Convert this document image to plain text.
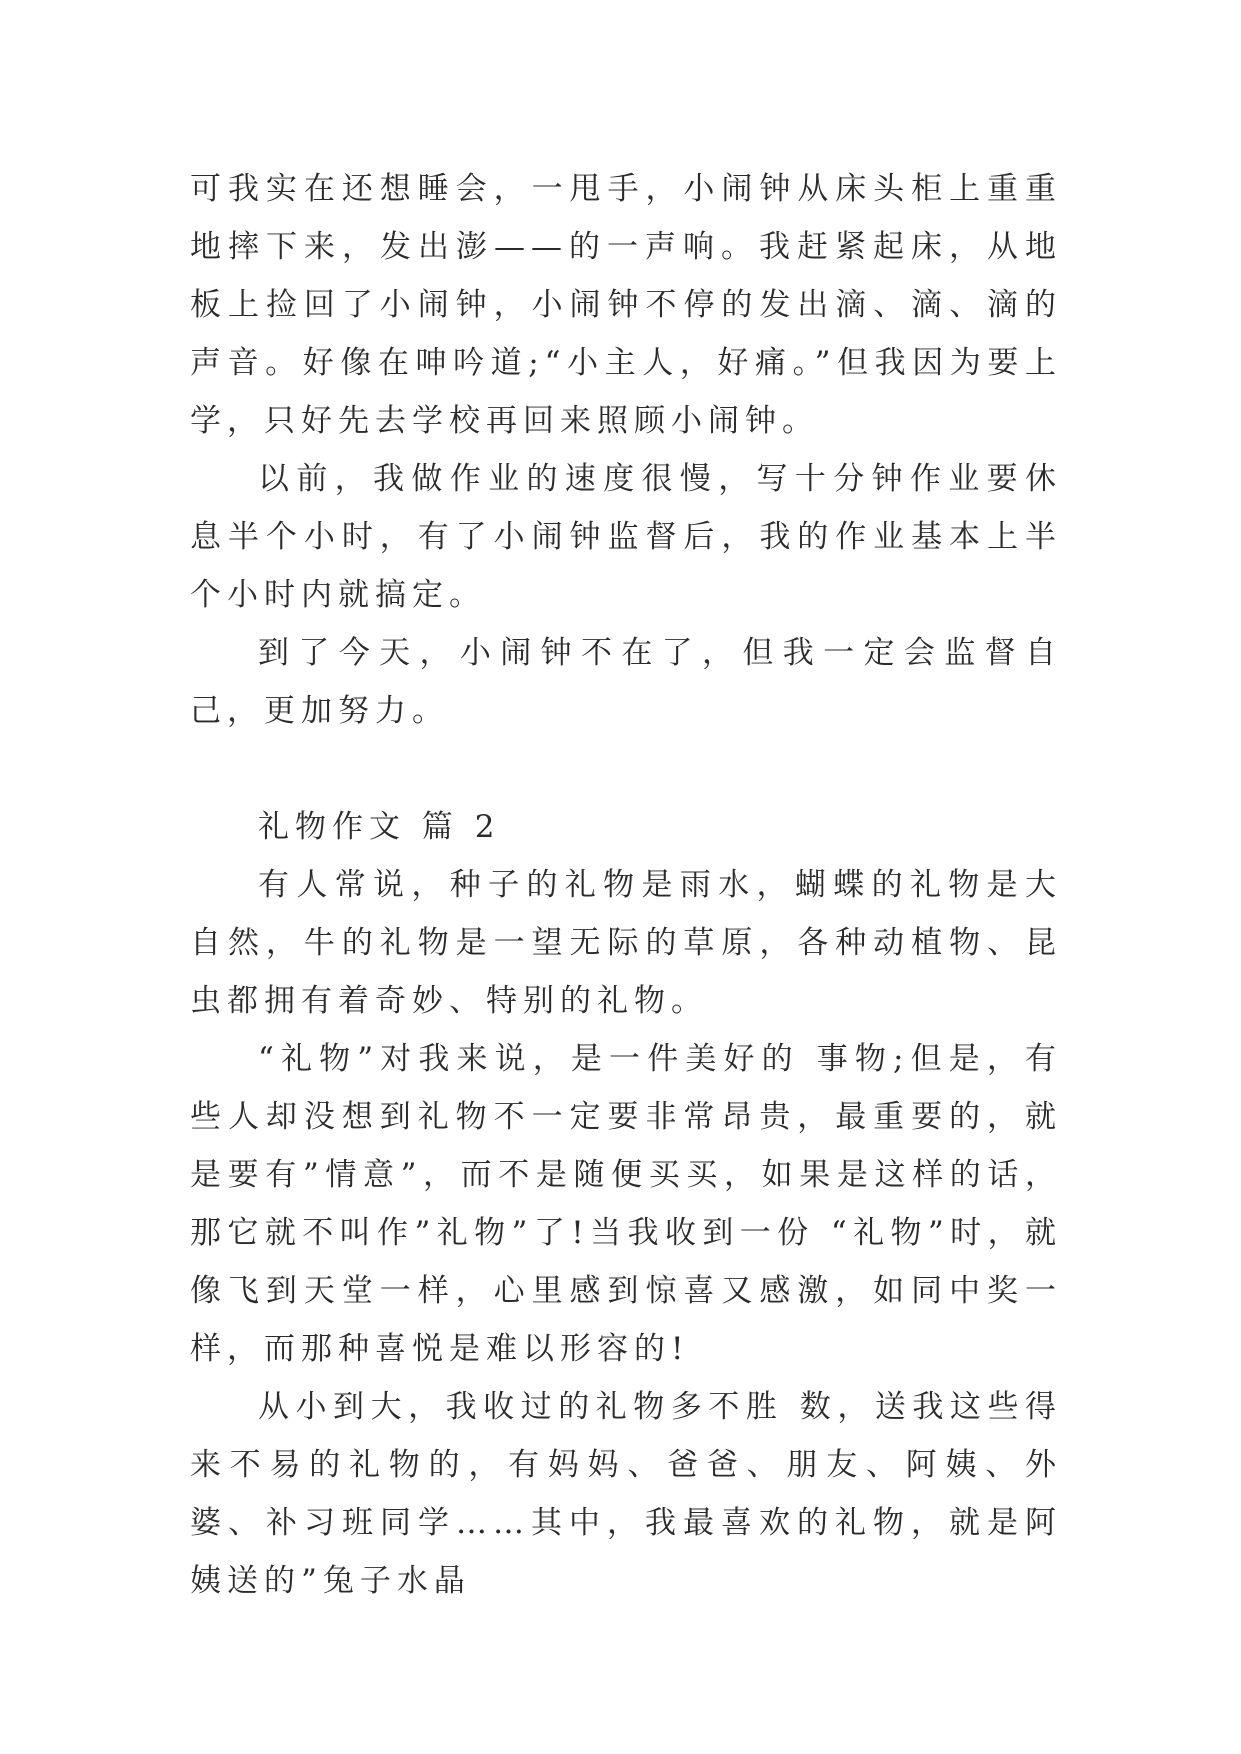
可我实在还想睡会，一甩手，小闹钟从床头柜上重重地摔下来，发出澎——的一声响。我赶紧起床，从地板上捡回了小闹钟，小闹钟不停的发出滴、滴、滴的声音。好像在呻吟道;“小主人，好痛。”但我因为要上学，只好先去学校再回来照顾小闹钟。

以前，我做作业的速度很慢，写十分钟作业要休息半个小时，有了小闹钟监督后，我的作业基本上半个小时内就搞定。

到了今天，小闹钟不在了，但我一定会监督自己，更加努力。

礼物作文 篇 2

有人常说，种子的礼物是雨水，蝴蝶的礼物是大自然，牛的礼物是一望无际的草原，各种动植物、昆虫都拥有着奇妙、特别的礼物。

“礼物”对我来说，是一件美好的 事物;但是，有些人却没想到礼物不一定要非常昂贵，最重要的，就是要有”情意”，而不是随便买买，如果是这样的话，那它就不叫作”礼物”了!当我收到一份 “礼物”时，就像飞到天堂一样，心里感到惊喜又感激，如同中奖一样，而那种喜悦是难以形容的!

从小到大，我收过的礼物多不胜 数，送我这些得来不易的礼物的，有妈妈、爸爸、朋友、阿姨、外婆、补习班同学……其中，我最喜欢的礼物，就是阿姨送的”兔子水晶
